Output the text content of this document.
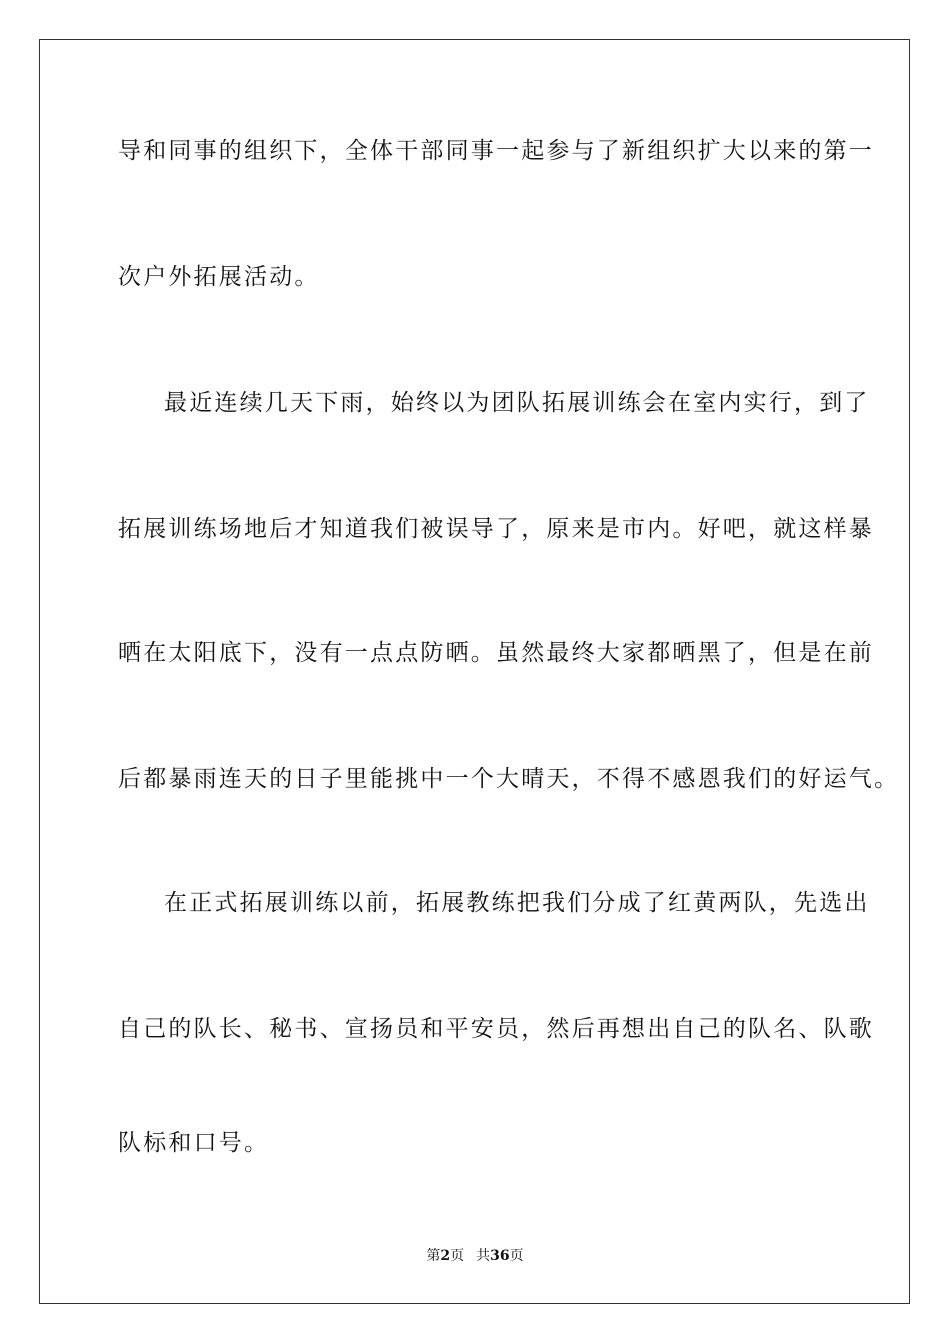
导和同事的组织下，全体干部同事一起参与了新组织扩大以来的第一
次户外拓展活动。
最近连续几天下雨，始终以为团队拓展训练会在室内实行，到了
拓展训练场地后才知道我们被误导了，原来是市内。好吧，就这样暴
晒在太阳底下，没有一点点防晒。虽然最终大家都晒黑了，但是在前
后都暴雨连天的日子里能挑中一个大晴天，不得不感恩我们的好运气。
在正式拓展训练以前，拓展教练把我们分成了红黄两队，先选出
自己的队长、秘书、宣扬员和平安员，然后再想出自己的队名、队歌
队标和口号。
第2页 共36页
